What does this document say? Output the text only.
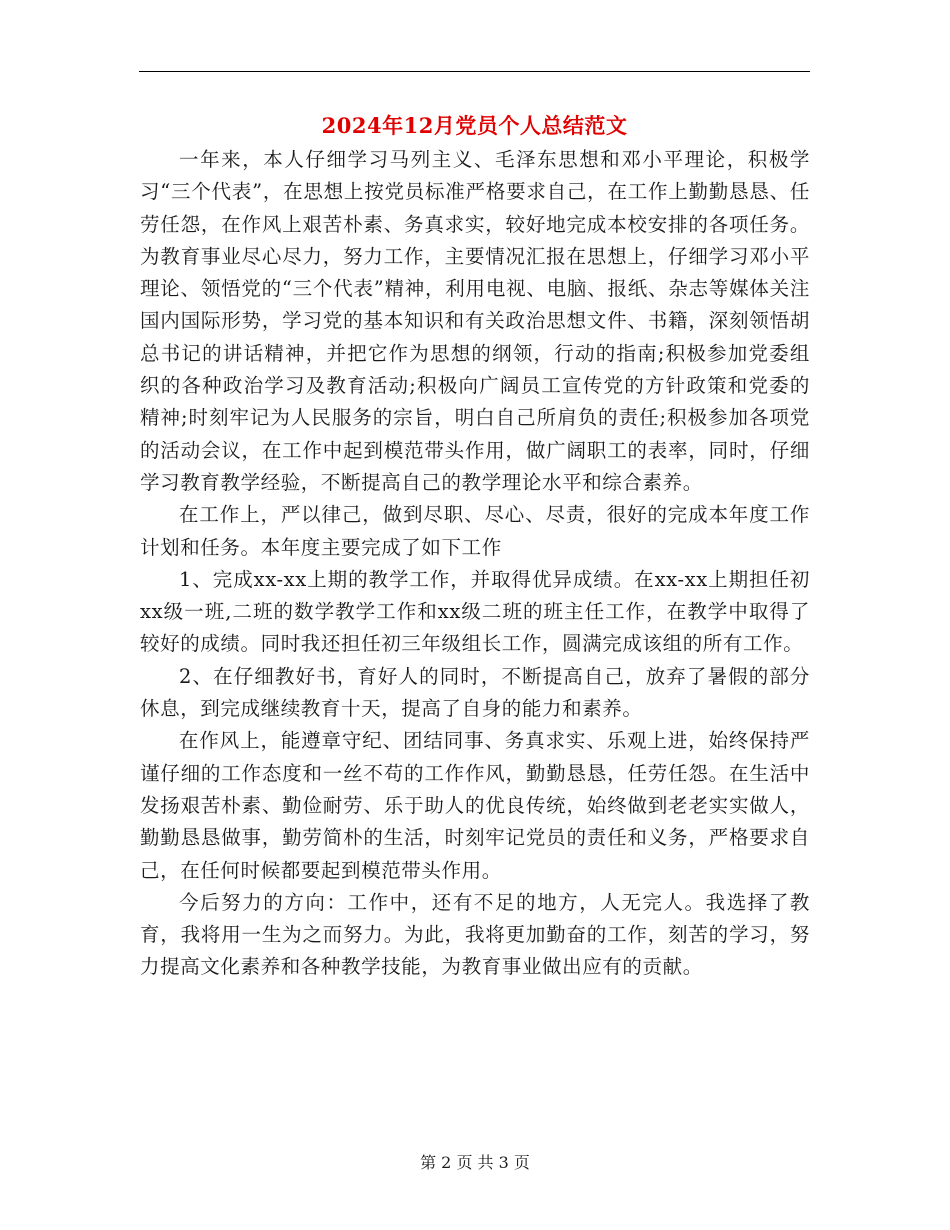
2024年12月党员个人总结范文

一年来，本人仔细学习马列主义、毛泽东思想和邓小平理论，积极学习“三个代表”，在思想上按党员标准严格要求自己，在工作上勤勤恳恳、任劳任怨，在作风上艰苦朴素、务真求实，较好地完成本校安排的各项任务。为教育事业尽心尽力，努力工作，主要情况汇报在思想上，仔细学习邓小平理论、领悟党的“三个代表”精神，利用电视、电脑、报纸、杂志等媒体关注国内国际形势，学习党的基本知识和有关政治思想文件、书籍，深刻领悟胡总书记的讲话精神，并把它作为思想的纲领，行动的指南;积极参加党委组织的各种政治学习及教育活动;积极向广阔员工宣传党的方针政策和党委的精神;时刻牢记为人民服务的宗旨，明白自己所肩负的责任;积极参加各项党的活动会议，在工作中起到模范带头作用，做广阔职工的表率，同时，仔细学习教育教学经验，不断提高自己的教学理论水平和综合素养。

在工作上，严以律己，做到尽职、尽心、尽责，很好的完成本年度工作计划和任务。本年度主要完成了如下工作

1、完成xx-xx上期的教学工作，并取得优异成绩。在xx-xx上期担任初xx级一班,二班的数学教学工作和xx级二班的班主任工作，在教学中取得了较好的成绩。同时我还担任初三年级组长工作，圆满完成该组的所有工作。

2、在仔细教好书，育好人的同时，不断提高自己，放弃了暑假的部分休息，到完成继续教育十天，提高了自身的能力和素养。

在作风上，能遵章守纪、团结同事、务真求实、乐观上进，始终保持严谨仔细的工作态度和一丝不苟的工作作风，勤勤恳恳，任劳任怨。在生活中发扬艰苦朴素、勤俭耐劳、乐于助人的优良传统，始终做到老老实实做人，勤勤恳恳做事，勤劳简朴的生活，时刻牢记党员的责任和义务，严格要求自己，在任何时候都要起到模范带头作用。

今后努力的方向：工作中，还有不足的地方，人无完人。我选择了教育，我将用一生为之而努力。为此，我将更加勤奋的工作，刻苦的学习，努力提高文化素养和各种教学技能，为教育事业做出应有的贡献。

第 2 页 共 3 页
